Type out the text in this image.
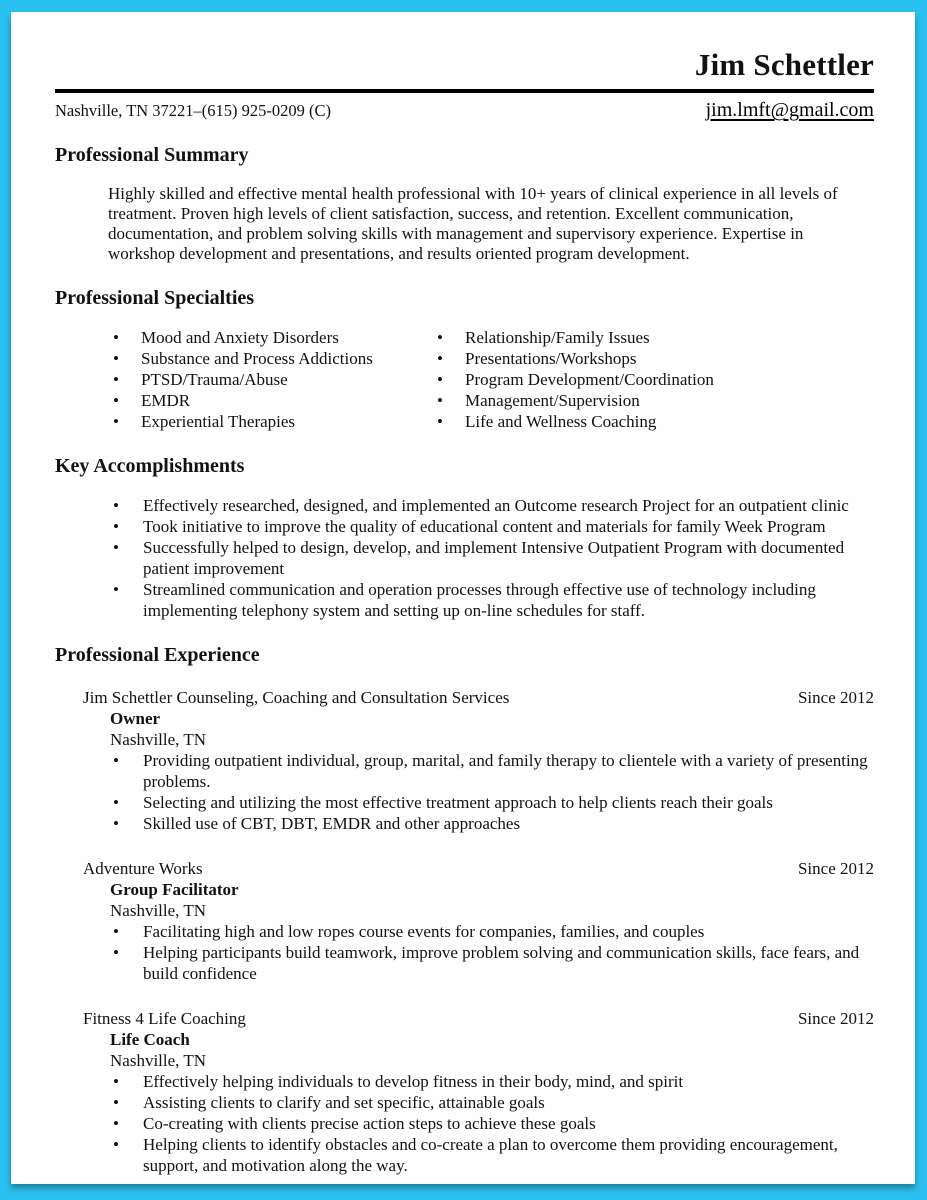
Jim Schettler
Nashville, TN 37221–(615) 925-0209 (C)	jim.lmft@gmail.com
Professional Summary

Highly skilled and effective mental health professional with 10+ years of clinical experience in all levels of treatment. Proven high levels of client satisfaction, success, and retention. Excellent communication, documentation, and problem solving skills with management and supervisory experience. Expertise in workshop development and presentations, and results oriented program development.

Professional Specialties
• Mood and Anxiety Disorders
• Substance and Process Addictions
• PTSD/Trauma/Abuse
• EMDR
• Experiential Therapies
• Relationship/Family Issues
• Presentations/Workshops
• Program Development/Coordination
• Management/Supervision
• Life and Wellness Coaching
Key Accomplishments
• Effectively researched, designed, and implemented an Outcome research Project for an outpatient clinic
• Took initiative to improve the quality of educational content and materials for family Week Program
• Successfully helped to design, develop, and implement Intensive Outpatient Program with documented patient improvement
• Streamlined communication and operation processes through effective use of technology including implementing telephony system and setting up on-line schedules for staff.
Professional Experience
Jim Schettler Counseling, Coaching and Consultation Services	Since 2012
Owner
Nashville, TN
• Providing outpatient individual, group, marital, and family therapy to clientele with a variety of presenting problems.
• Selecting and utilizing the most effective treatment approach to help clients reach their goals
• Skilled use of CBT, DBT, EMDR and other approaches
Adventure Works	Since 2012
Group Facilitator
Nashville, TN
• Facilitating high and low ropes course events for companies, families, and couples
• Helping participants build teamwork, improve problem solving and communication skills, face fears, and build confidence
Fitness 4 Life Coaching	Since 2012
Life Coach
Nashville, TN
• Effectively helping individuals to develop fitness in their body, mind, and spirit
• Assisting clients to clarify and set specific, attainable goals
• Co-creating with clients precise action steps to achieve these goals
• Helping clients to identify obstacles and co-create a plan to overcome them providing encouragement, support, and motivation along the way.
